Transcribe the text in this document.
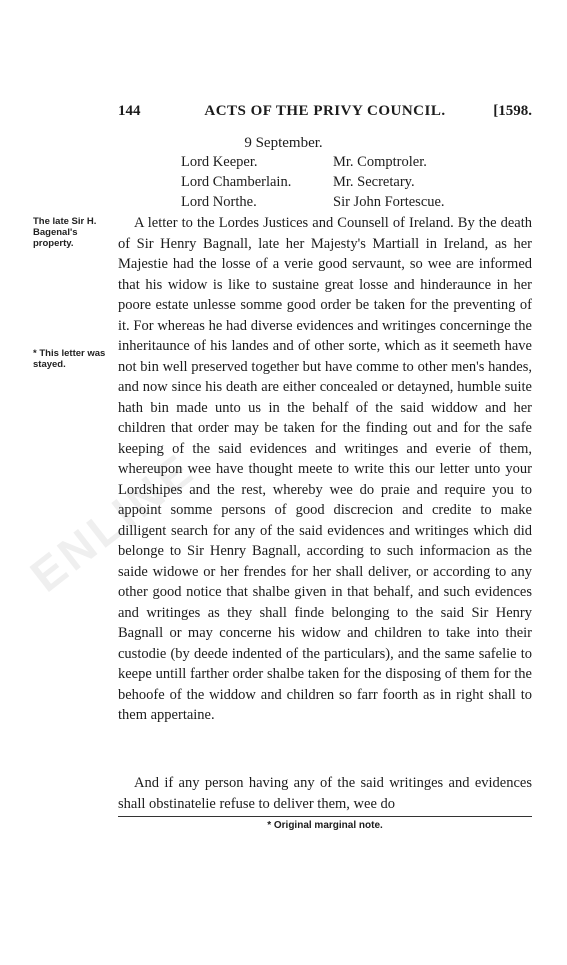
ENLINE
144	ACTS OF THE PRIVY COUNCIL.	[1598.
9 September.
Lord Keeper.
Lord Chamberlain.
Lord Northe.
Mr. Comptroler.
Mr. Secretary.
Sir John Fortescue.
The late Sir H. Bagenal's property.
* This letter was stayed.
A letter to the Lordes Justices and Counsell of Ireland. By the death of Sir Henry Bagnall, late her Majesty's Martiall in Ireland, as her Majestie had the losse of a verie good servaunt, so wee are informed that his widow is like to sustaine great losse and hinderaunce in her poore estate unlesse somme good order be taken for the preventing of it. For whereas he had diverse evidences and writinges concerninge the inheritaunce of his landes and of other sorte, which as it seemeth have not bin well preserved together but have comme to other men's handes, and now since his death are either concealed or detayned, humble suite hath bin made unto us in the behalf of the said widdow and her children that order may be taken for the finding out and for the safe keeping of the said evidences and writinges and everie of them, whereupon wee have thought meete to write this our letter unto your Lordshipes and the rest, whereby wee do praie and require you to appoint somme persons of good discrecion and credite to make dilligent search for any of the said evidences and writinges which did belonge to Sir Henry Bagnall, according to such informacion as the saide widowe or her frendes for her shall deliver, or according to any other good notice that shalbe given in that behalf, and such evidences and writinges as they shall finde belonging to the said Sir Henry Bagnall or may concerne his widow and children to take into their custodie (by deede indented of the particulars), and the same safelie to keepe untill farther order shalbe taken for the disposing of them for the behoofe of the widdow and children so farr foorth as in right shall to them appertaine.
And if any person having any of the said writinges and evidences shall obstinatelie refuse to deliver them, wee do
* Original marginal note.
